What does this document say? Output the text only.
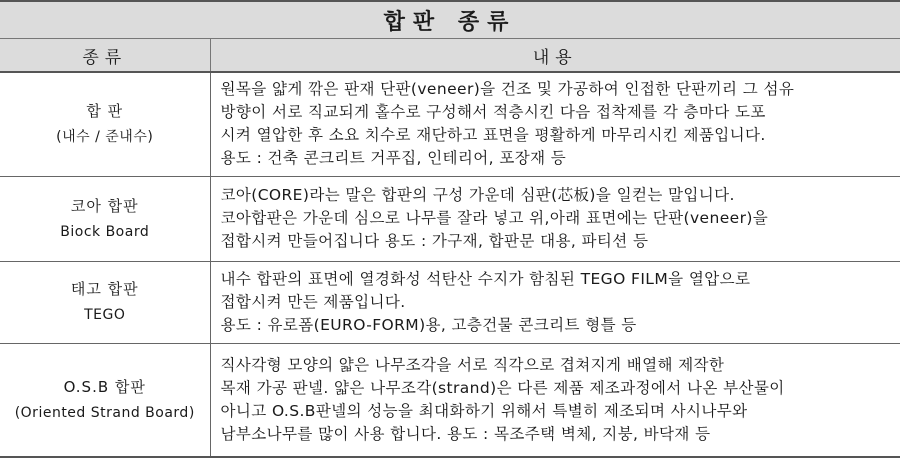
합판 종류	
종류	내용
합 판
(내수 / 준내수)	원목을 얇게 깎은 판재 단판(veneer)을 건조 및 가공하여 인접한 단판끼리 그 섬유
방향이 서로 직교되게 홀수로 구성해서 적층시킨 다음 접착제를 각 층마다 도포
시켜 열압한 후 소요 치수로 재단하고 표면을 평활하게 마무리시킨 제품입니다.
용도 : 건축 콘크리트 거푸집, 인테리어, 포장재 등

코아 합판
Biock Board	코아(CORE)라는 말은 합판의 구성 가운데 심판(芯板)을 일컫는 말입니다.
코아합판은 가운데 심으로 나무를 잘라 넣고 위,아래 표면에는 단판(veneer)을
접합시켜 만들어집니다 용도 : 가구재, 합판문 대용, 파티션 등

태고 합판
TEGO	내수 합판의 표면에 열경화성 석탄산 수지가 함침된 TEGO FILM을 열압으로
접합시켜 만든 제품입니다.
용도 : 유로폼(EURO-FORM)용, 고층건물 콘크리트 형틀 등

O.S.B 합판
(Oriented Strand Board)	직사각형 모양의 얇은 나무조각을 서로 직각으로 겹쳐지게 배열해 제작한
목재 가공 판넬. 얇은 나무조각(strand)은 다른 제품 제조과정에서 나온 부산물이
아니고 O.S.B판넬의 성능을 최대화하기 위해서 특별히 제조되며 사시나무와
남부소나무를 많이 사용 합니다. 용도 : 목조주택 벽체, 지붕, 바닥재 등
